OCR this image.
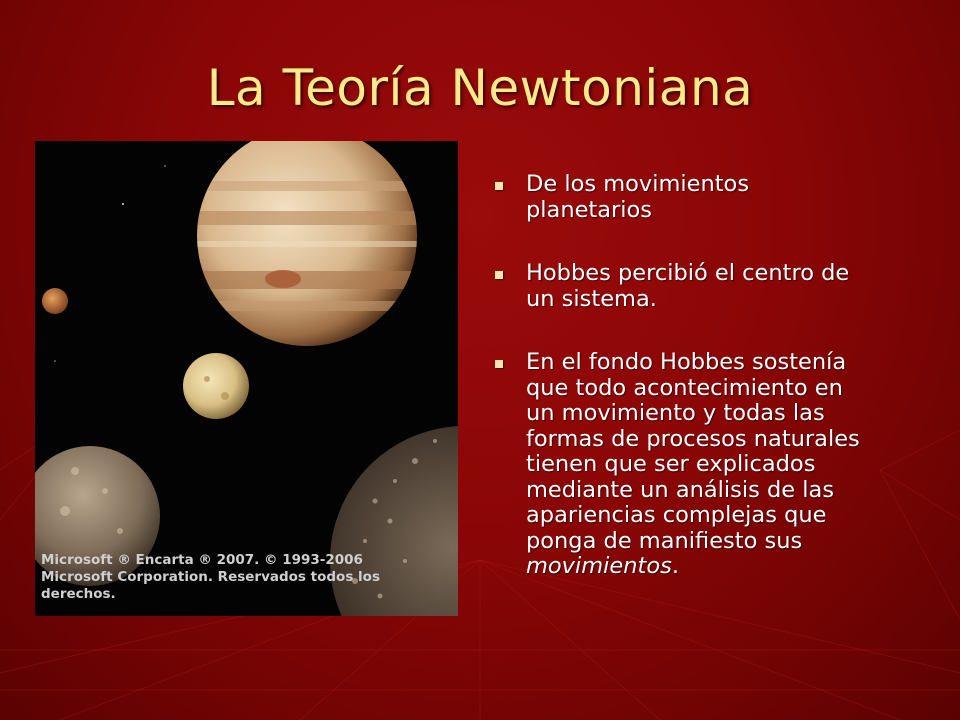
La Teoría Newtoniana
Microsoft ® Encarta ® 2007. © 1993-2006
Microsoft Corporation. Reservados todos los
derechos.
De los movimientos
planetarios
Hobbes percibió el centro de
un sistema.
En el fondo Hobbes sostenía
que todo acontecimiento en
un movimiento y todas las
formas de procesos naturales
tienen que ser explicados
mediante un análisis de las
apariencias complejas que
ponga de manifiesto sus
movimientos.
